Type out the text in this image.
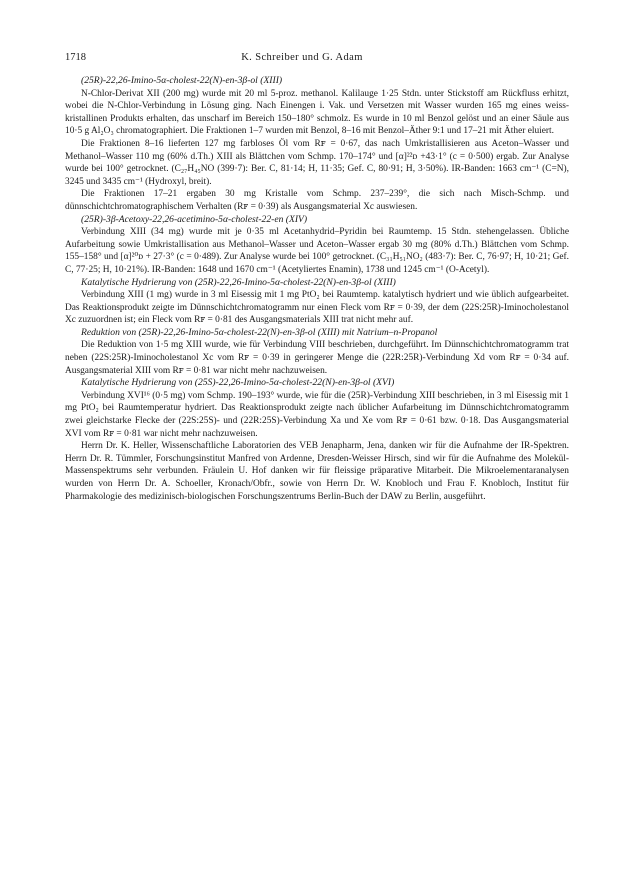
1718	K. Schreiber und G. Adam

(25R)-22,26-Imino-5α-cholest-22(N)-en-3β-ol (XIII)

N-Chlor-Derivat XII (200 mg) wurde mit 20 ml 5-proz. methanol. Kalilauge 1·25 Stdn. unter Stickstoff am Rückfluss erhitzt, wobei die N-Chlor-Verbindung in Lösung ging. Nach Einengen i. Vak. und Versetzen mit Wasser wurden 165 mg eines weiss-kristallinen Produkts erhalten, das unscharf im Bereich 150–180° schmolz. Es wurde in 10 ml Benzol gelöst und an einer Säule aus 10·5 g Al₂O₃ chromatographiert. Die Fraktionen 1–7 wurden mit Benzol, 8–16 mit Benzol–Äther 9:1 und 17–21 mit Äther eluiert.

Die Fraktionen 8–16 lieferten 127 mg farbloses Öl vom Rꜰ = 0·67, das nach Umkristallisieren aus Aceton–Wasser und Methanol–Wasser 110 mg (60% d.Th.) XIII als Blättchen vom Schmp. 170–174° und [α]²²ᴅ +43·1° (c = 0·500) ergab. Zur Analyse wurde bei 100° getrocknet. (C₂₇H₄₅NO (399·7): Ber. C, 81·14; H, 11·35; Gef. C, 80·91; H, 3·50%). IR-Banden: 1663 cm⁻¹ (C=N), 3245 und 3435 cm⁻¹ (Hydroxyl, breit).

Die Fraktionen 17–21 ergaben 30 mg Kristalle vom Schmp. 237–239°, die sich nach Misch-Schmp. und dünnschichtchromatographischem Verhalten (Rꜰ = 0·39) als Ausgangsmaterial Xc auswiesen.

(25R)-3β-Acetoxy-22,26-acetimino-5α-cholest-22-en (XIV)

Verbindung XIII (34 mg) wurde mit je 0·35 ml Acetanhydrid–Pyridin bei Raumtemp. 15 Stdn. stehengelassen. Übliche Aufarbeitung sowie Umkristallisation aus Methanol–Wasser und Aceton–Wasser ergab 30 mg (80% d.Th.) Blättchen vom Schmp. 155–158° und [α]²⁰ᴅ + 27·3° (c = 0·489). Zur Analyse wurde bei 100° getrocknet. (C₃₁H₅₁NO₂ (483·7): Ber. C, 76·97; H, 10·21; Gef. C, 77·25; H, 10·21%). IR-Banden: 1648 und 1670 cm⁻¹ (Acetyliertes Enamin), 1738 und 1245 cm⁻¹ (O-Acetyl).

Katalytische Hydrierung von (25R)-22,26-Imino-5α-cholest-22(N)-en-3β-ol (XIII)

Verbindung XIII (1 mg) wurde in 3 ml Eisessig mit 1 mg PtO₂ bei Raumtemp. katalytisch hydriert und wie üblich aufgearbeitet. Das Reaktionsprodukt zeigte im Dünnschichtchromatogramm nur einen Fleck vom Rꜰ = 0·39, der dem (22S:25R)-Iminocholestanol Xc zuzuordnen ist; ein Fleck vom Rꜰ = 0·81 des Ausgangsmaterials XIII trat nicht mehr auf.

Reduktion von (25R)-22,26-Imino-5α-cholest-22(N)-en-3β-ol (XIII) mit Natrium–n-Propanol

Die Reduktion von 1·5 mg XIII wurde, wie für Verbindung VIII beschrieben, durchgeführt. Im Dünnschichtchromatogramm trat neben (22S:25R)-Iminocholestanol Xc vom Rꜰ = 0·39 in geringerer Menge die (22R:25R)-Verbindung Xd vom Rꜰ = 0·34 auf. Ausgangsmaterial XIII vom Rꜰ = 0·81 war nicht mehr nachzuweisen.

Katalytische Hydrierung von (25S)-22,26-Imino-5α-cholest-22(N)-en-3β-ol (XVI)

Verbindung XVI¹⁶ (0·5 mg) vom Schmp. 190–193° wurde, wie für die (25R)-Verbindung XIII beschrieben, in 3 ml Eisessig mit 1 mg PtO₂ bei Raumtemperatur hydriert. Das Reaktionsprodukt zeigte nach üblicher Aufarbeitung im Dünnschichtchromatogramm zwei gleichstarke Flecke der (22S:25S)- und (22R:25S)-Verbindung Xa und Xe vom Rꜰ = 0·61 bzw. 0·18. Das Ausgangsmaterial XVI vom Rꜰ = 0·81 war nicht mehr nachzuweisen.

Herrn Dr. K. Heller, Wissenschaftliche Laboratorien des VEB Jenapharm, Jena, danken wir für die Aufnahme der IR-Spektren. Herrn Dr. R. Tümmler, Forschungsinstitut Manfred von Ardenne, Dresden-Weisser Hirsch, sind wir für die Aufnahme des Molekül-Massenspektrums sehr verbunden. Fräulein U. Hof danken wir für fleissige präparative Mitarbeit. Die Mikroelementaranalysen wurden von Herrn Dr. A. Schoeller, Kronach/Obfr., sowie von Herrn Dr. W. Knobloch und Frau F. Knobloch, Institut für Pharmakologie des medizinisch-biologischen Forschungszentrums Berlin-Buch der DAW zu Berlin, ausgeführt.
